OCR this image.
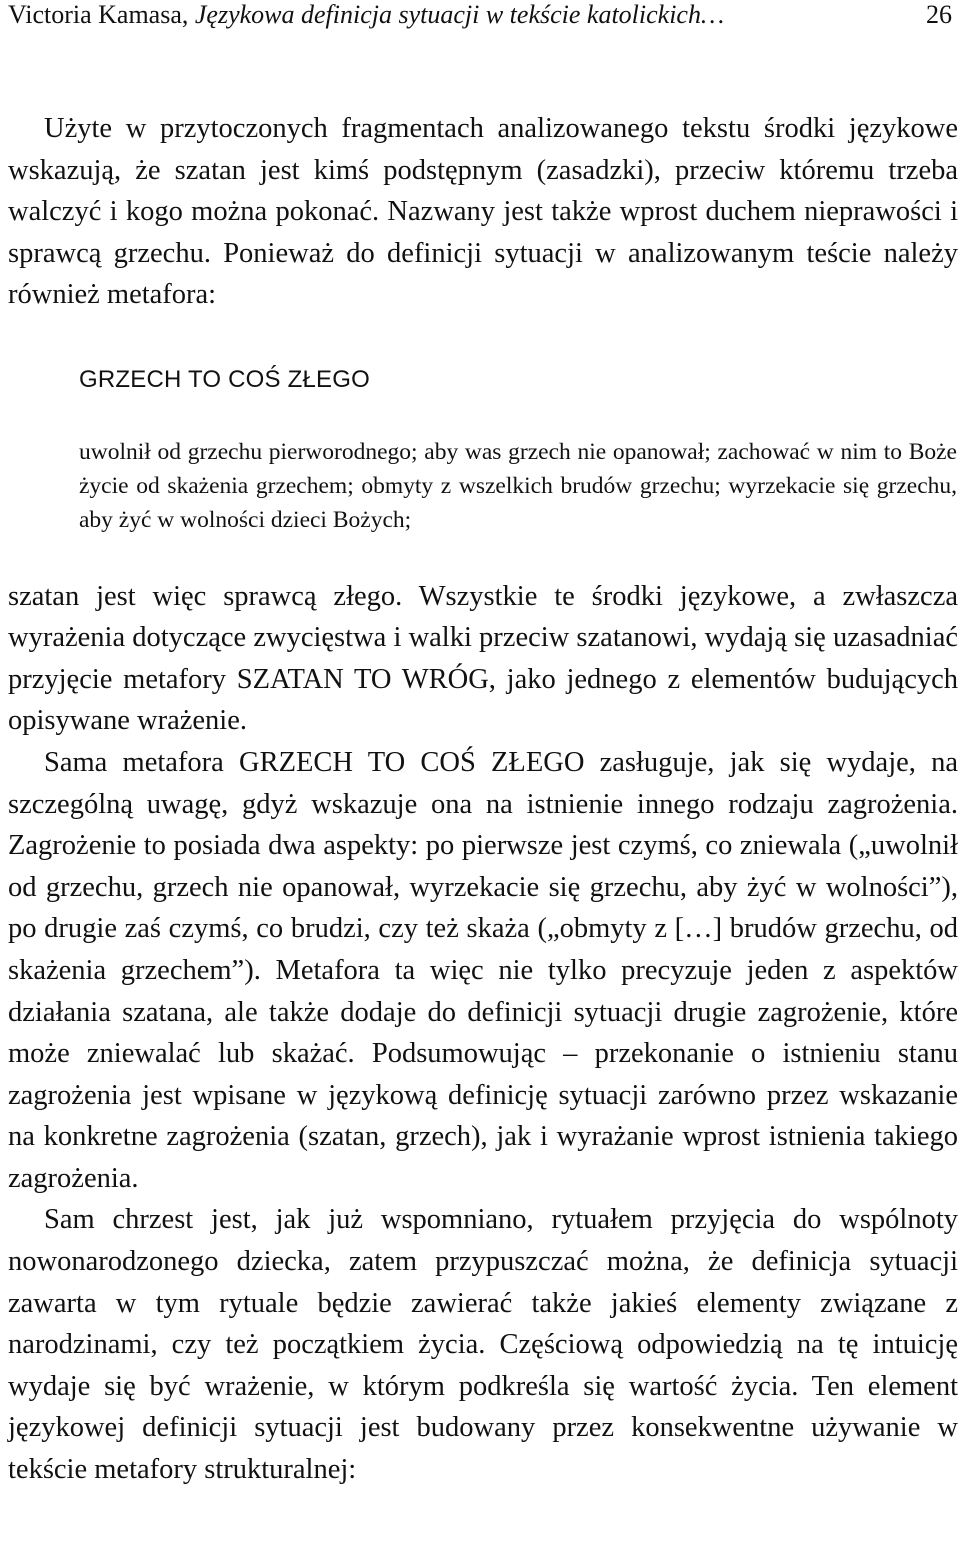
Victoria Kamasa, Językowa definicja sytuacji w tekście katolickich…	26

Użyte w przytoczonych fragmentach analizowanego tekstu środki językowe wskazują, że szatan jest kimś podstępnym (zasadzki), przeciw któremu trzeba walczyć i kogo można pokonać. Nazwany jest także wprost duchem nieprawości i sprawcą grzechu. Ponieważ do definicji sytuacji w analizowanym teście należy również metafora:

GRZECH TO COŚ ZŁEGO
uwolnił od grzechu pierworodnego; aby was grzech nie opanował; zachować w nim to Boże życie od skażenia grzechem; obmyty z wszelkich brudów grzechu; wyrzekacie się grzechu, aby żyć w wolności dzieci Bożych;

szatan jest więc sprawcą złego. Wszystkie te środki językowe, a zwłaszcza wyrażenia dotyczące zwycięstwa i walki przeciw szatanowi, wydają się uzasadniać przyjęcie metafory SZATAN TO WRÓG, jako jednego z elementów budujących opisywane wrażenie.

Sama metafora GRZECH TO COŚ ZŁEGO zasługuje, jak się wydaje, na szczególną uwagę, gdyż wskazuje ona na istnienie innego rodzaju zagrożenia. Zagrożenie to posiada dwa aspekty: po pierwsze jest czymś, co zniewala („uwolnił od grzechu, grzech nie opanował, wyrzekacie się grzechu, aby żyć w wolności”), po drugie zaś czymś, co brudzi, czy też skaża („obmyty z […] brudów grzechu, od skażenia grzechem”). Metafora ta więc nie tylko precyzuje jeden z aspektów działania szatana, ale także dodaje do definicji sytuacji drugie zagrożenie, które może zniewalać lub skażać. Podsumowując – przekonanie o istnieniu stanu zagrożenia jest wpisane w językową definicję sytuacji zarówno przez wskazanie na konkretne zagrożenia (szatan, grzech), jak i wyrażanie wprost istnienia takiego zagrożenia.

Sam chrzest jest, jak już wspomniano, rytuałem przyjęcia do wspólnoty nowonarodzonego dziecka, zatem przypuszczać można, że definicja sytuacji zawarta w tym rytuale będzie zawierać także jakieś elementy związane z narodzinami, czy też początkiem życia. Częściową odpowiedzią na tę intuicję wydaje się być wrażenie, w którym podkreśla się wartość życia. Ten element językowej definicji sytuacji jest budowany przez konsekwentne używanie w tekście metafory strukturalnej:
